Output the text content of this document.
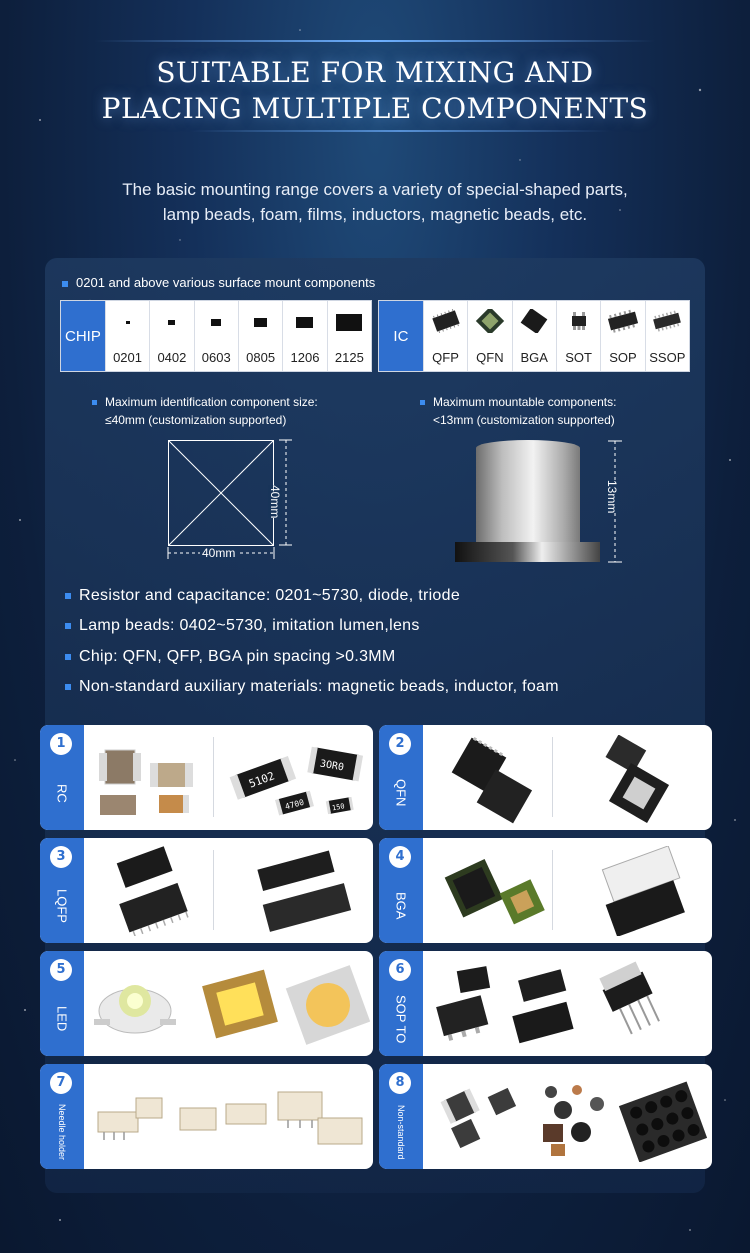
SUITABLE FOR MIXING AND
PLACING MULTIPLE COMPONENTS
The basic mounting range covers a variety of special-shaped parts,
lamp beads, foam, films, inductors, magnetic beads, etc.
0201 and above various surface mount components
CHIP
0201 0402 0603 0805 1206 2125
IC
QFP QFN BGA SOT SOP SSOP
Maximum identification component size:
≤40mm (customization supported)
Maximum mountable components:
<13mm (customization supported)
40mm
40mm	13mm
Resistor and capacitance: 0201~5730, diode, triode
Lamp beads: 0402~5730, imitation lumen,lens
Chip: QFN, QFP, BGA pin spacing >0.3MM
Non-standard auxiliary materials: magnetic beads, inductor, foam
1
RC
5102
3OR0
4700	150
2
QFN
3
LQFP
4
BGA
5
LED
6
SOP TO
7
Needle holder
8
Non-standard
